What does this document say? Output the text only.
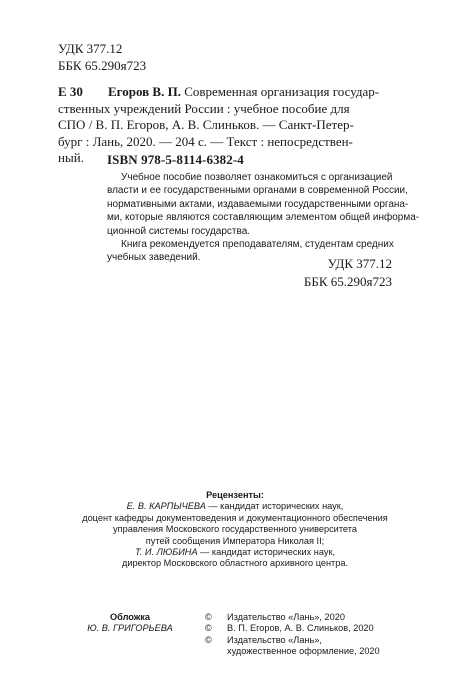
УДК 377.12
ББК 65.290я723
Е 30 Егоров В. П. Современная организация государ-
ственных учреждений России : учебное пособие для
СПО / В. П. Егоров, А. В. Слиньков. — Санкт-Петер-
бург : Лань, 2020. — 204 с. — Текст : непосредствен-
ный.	ISBN 978-5-8114-6382-4
Учебное пособие позволяет ознакомиться с организацией
власти и ее государственными органами в современной России,
нормативными актами, издаваемыми государственными органа-
ми, которые являются составляющим элементом общей информа-
ционной системы государства.
Книга рекомендуется преподавателям, студентам средних
учебных заведений.	УДК 377.12
ББК 65.290я723
Рецензенты:
Е. В. КАРПЫЧЕВА — кандидат исторических наук,
доцент кафедры документоведения и документационного обеспечения
управления Московского государственного университета
путей сообщения Императора Николая II;
Т. И. ЛЮБИНА — кандидат исторических наук,
директор Московского областного архивного центра.
Обложка
Ю. В. ГРИГОРЬЕВА
© Издательство «Лань», 2020
© В. П. Егоров, А. В. Слиньков, 2020
© Издательство «Лань»,
художественное оформление, 2020
